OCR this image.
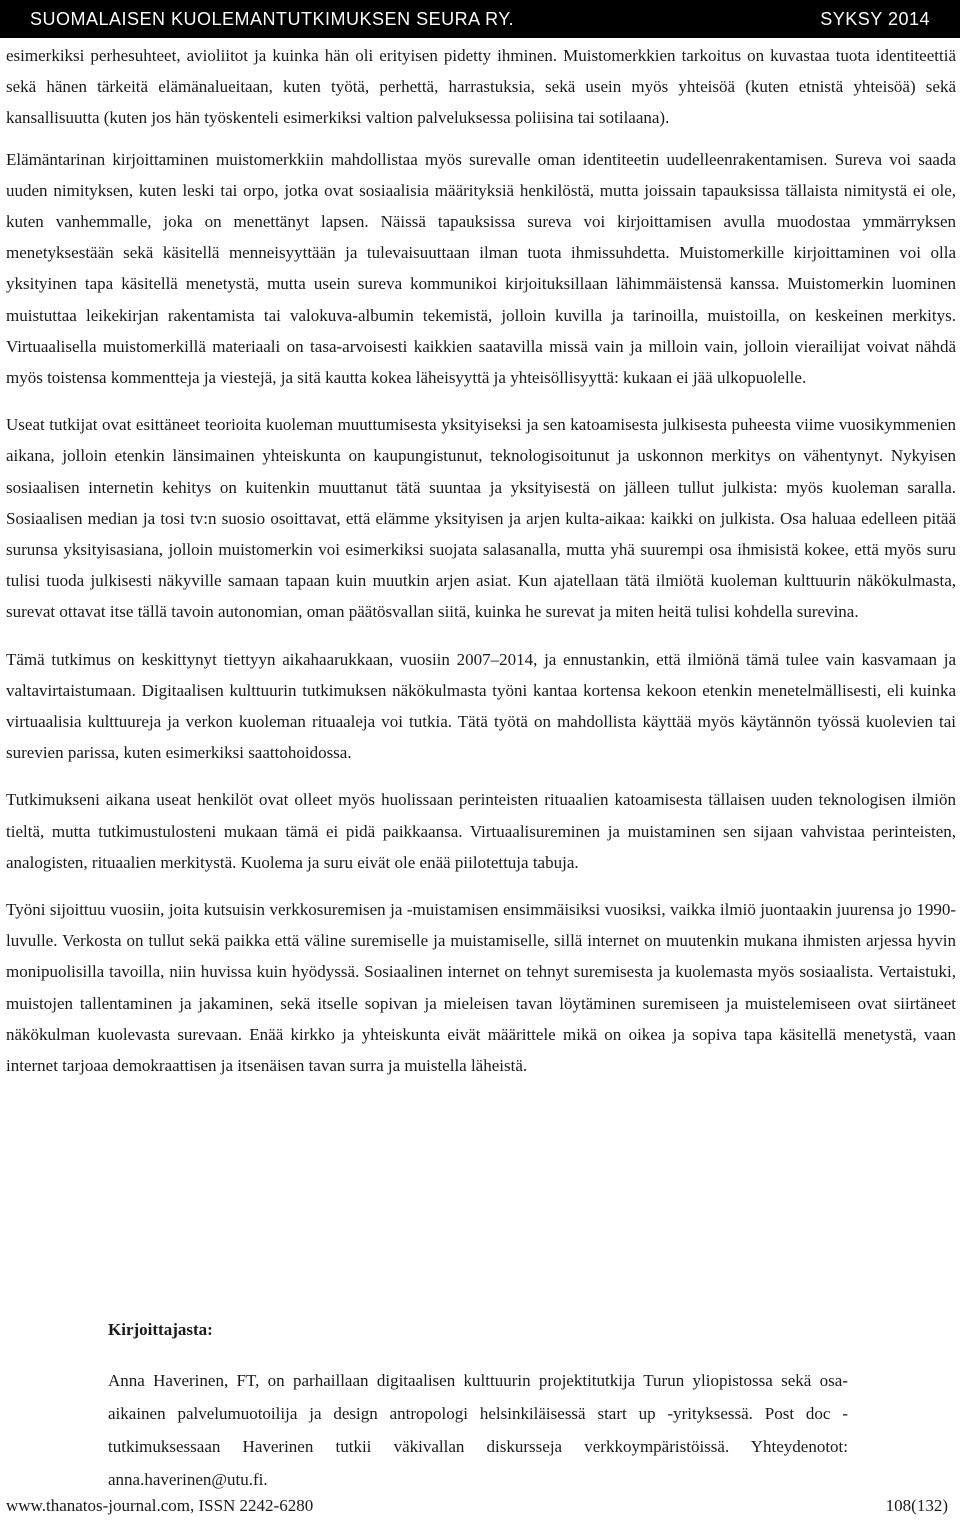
SUOMALAISEN KUOLEMANTUTKIMUKSEN SEURA RY.	SYKSY 2014

esimerkiksi perhesuhteet, avioliitot ja kuinka hän oli erityisen pidetty ihminen. Muistomerkkien tarkoitus on kuvastaa tuota identiteettiä sekä hänen tärkeitä elämänalueitaan, kuten työtä, perhettä, harrastuksia, sekä usein myös yhteisöä (kuten etnistä yhteisöä) sekä kansallisuutta (kuten jos hän työskenteli esimerkiksi valtion palveluksessa poliisina tai sotilaana).

Elämäntarinan kirjoittaminen muistomerkkiin mahdollistaa myös surevalle oman identiteetin uudelleenrakentamisen. Sureva voi saada uuden nimityksen, kuten leski tai orpo, jotka ovat sosiaalisia määrityksiä henkilöstä, mutta joissain tapauksissa tällaista nimitystä ei ole, kuten vanhemmalle, joka on menettänyt lapsen. Näissä tapauksissa sureva voi kirjoittamisen avulla muodostaa ymmärryksen menetyksestään sekä käsitellä menneisyyttään ja tulevaisuuttaan ilman tuota ihmissuhdetta. Muistomerkille kirjoittaminen voi olla yksityinen tapa käsitellä menetystä, mutta usein sureva kommunikoi kirjoituksillaan lähimmäistensä kanssa. Muistomerkin luominen muistuttaa leikekirjan rakentamista tai valokuva-albumin tekemistä, jolloin kuvilla ja tarinoilla, muistoilla, on keskeinen merkitys. Virtuaalisella muistomerkillä materiaali on tasa-arvoisesti kaikkien saatavilla missä vain ja milloin vain, jolloin vierailijat voivat nähdä myös toistensa kommentteja ja viestejä, ja sitä kautta kokea läheisyyttä ja yhteisöllisyyttä: kukaan ei jää ulkopuolelle.

Useat tutkijat ovat esittäneet teorioita kuoleman muuttumisesta yksityiseksi ja sen katoamisesta julkisesta puheesta viime vuosikymmenien aikana, jolloin etenkin länsimainen yhteiskunta on kaupungistunut, teknologisoitunut ja uskonnon merkitys on vähentynyt. Nykyisen sosiaalisen internetin kehitys on kuitenkin muuttanut tätä suuntaa ja yksityisestä on jälleen tullut julkista: myös kuoleman saralla. Sosiaalisen median ja tosi tv:n suosio osoittavat, että elämme yksityisen ja arjen kulta-aikaa: kaikki on julkista. Osa haluaa edelleen pitää surunsa yksityisasiana, jolloin muistomerkin voi esimerkiksi suojata salasanalla, mutta yhä suurempi osa ihmisistä kokee, että myös suru tulisi tuoda julkisesti näkyville samaan tapaan kuin muutkin arjen asiat. Kun ajatellaan tätä ilmiötä kuoleman kulttuurin näkökulmasta, surevat ottavat itse tällä tavoin autonomian, oman päätösvallan siitä, kuinka he surevat ja miten heitä tulisi kohdella surevina.

Tämä tutkimus on keskittynyt tiettyyn aikahaarukkaan, vuosiin 2007–2014, ja ennustankin, että ilmiönä tämä tulee vain kasvamaan ja valtavirtaistumaan. Digitaalisen kulttuurin tutkimuksen näkökulmasta työni kantaa kortensa kekoon etenkin menetelmällisesti, eli kuinka virtuaalisia kulttuureja ja verkon kuoleman rituaaleja voi tutkia. Tätä työtä on mahdollista käyttää myös käytännön työssä kuolevien tai surevien parissa, kuten esimerkiksi saattohoidossa.

Tutkimukseni aikana useat henkilöt ovat olleet myös huolissaan perinteisten rituaalien katoamisesta tällaisen uuden teknologisen ilmiön tieltä, mutta tutkimustulosteni mukaan tämä ei pidä paikkaansa. Virtuaalisureminen ja muistaminen sen sijaan vahvistaa perinteisten, analogisten, rituaalien merkitystä. Kuolema ja suru eivät ole enää piilotettuja tabuja.

Työni sijoittuu vuosiin, joita kutsuisin verkkosuremisen ja -muistamisen ensimmäisiksi vuosiksi, vaikka ilmiö juontaakin juurensa jo 1990-luvulle. Verkosta on tullut sekä paikka että väline suremiselle ja muistamiselle, sillä internet on muutenkin mukana ihmisten arjessa hyvin monipuolisilla tavoilla, niin huvissa kuin hyödyssä. Sosiaalinen internet on tehnyt suremisesta ja kuolemasta myös sosiaalista. Vertaistuki, muistojen tallentaminen ja jakaminen, sekä itselle sopivan ja mieleisen tavan löytäminen suremiseen ja muistelemiseen ovat siirtäneet näkökulman kuolevasta surevaan. Enää kirkko ja yhteiskunta eivät määrittele mikä on oikea ja sopiva tapa käsitellä menetystä, vaan internet tarjoaa demokraattisen ja itsenäisen tavan surra ja muistella läheistä.

Kirjoittajasta:

Anna Haverinen, FT, on parhaillaan digitaalisen kulttuurin projektitutkija Turun yliopistossa sekä osa-aikainen palvelumuotoilija ja design antropologi helsinkiläisessä start up -yrityksessä. Post doc -tutkimuksessaan Haverinen tutkii väkivallan diskursseja verkkoympäristöissä. Yhteydenotot: anna.haverinen@utu.fi.

www.thanatos-journal.com, ISSN 2242-6280	108(132)
